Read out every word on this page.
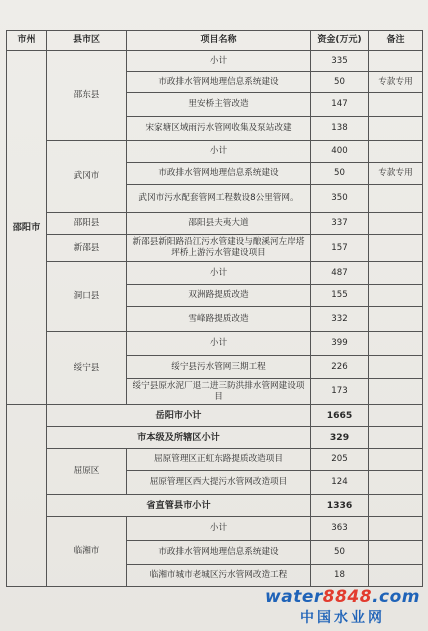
市州	县市区	项目名称	资金(万元)	备注
邵阳市	邵东县	小计	335	
		市政排水管网地理信息系统建设	50	专款专用
		里安桥主管改造	147	
		宋家塘区域雨污水管网收集及泵站改建	138	
	武冈市	小计	400	
		市政排水管网地理信息系统建设	50	专款专用
		武冈市污水配套管网工程数设8公里管网。	350	
	邵阳县	邵阳县夫夷大道	337	
	新邵县	新邵县新阳路沿江污水管建设与酿溪河左岸塔坪桥上游污水管建设项目	157	
	洞口县	小计	487	
		双洲路提质改造	155	
		雪峰路提质改造	332	
	绥宁县	小计	399	
		绥宁县污水管网三期工程	226	
		绥宁县原水泥厂退二进三防洪排水管网建设项目	173	
	岳阳市小计		1665	
	市本级及所辖区小计		329	
	屈原区	屈原管理区正虹东路提质改造项目	205	
		屈原管理区西大提污水管网改造项目	124	
	省直管县市小计		1336	
	临湘市	小计	363	
		市政排水管网地理信息系统建设	50	
		临湘市城市老城区污水管网改造工程	18	
water8848.com
中国水业网
